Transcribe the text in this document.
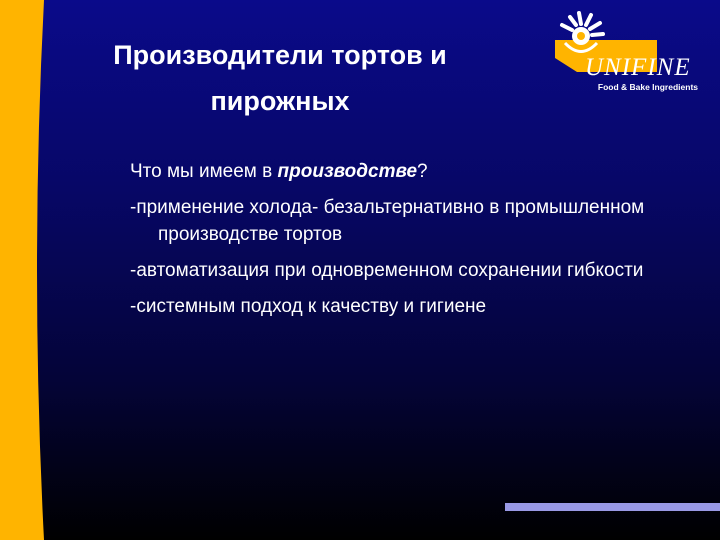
Производители тортов и
пирожных
UNIFINE
Food & Bake Ingredients

Что мы имеем в производстве?

-применение холода- безальтернативно в промышленном производстве тортов

-автоматизация при одновременном сохранении гибкости

-системным подход к качеству и гигиене
